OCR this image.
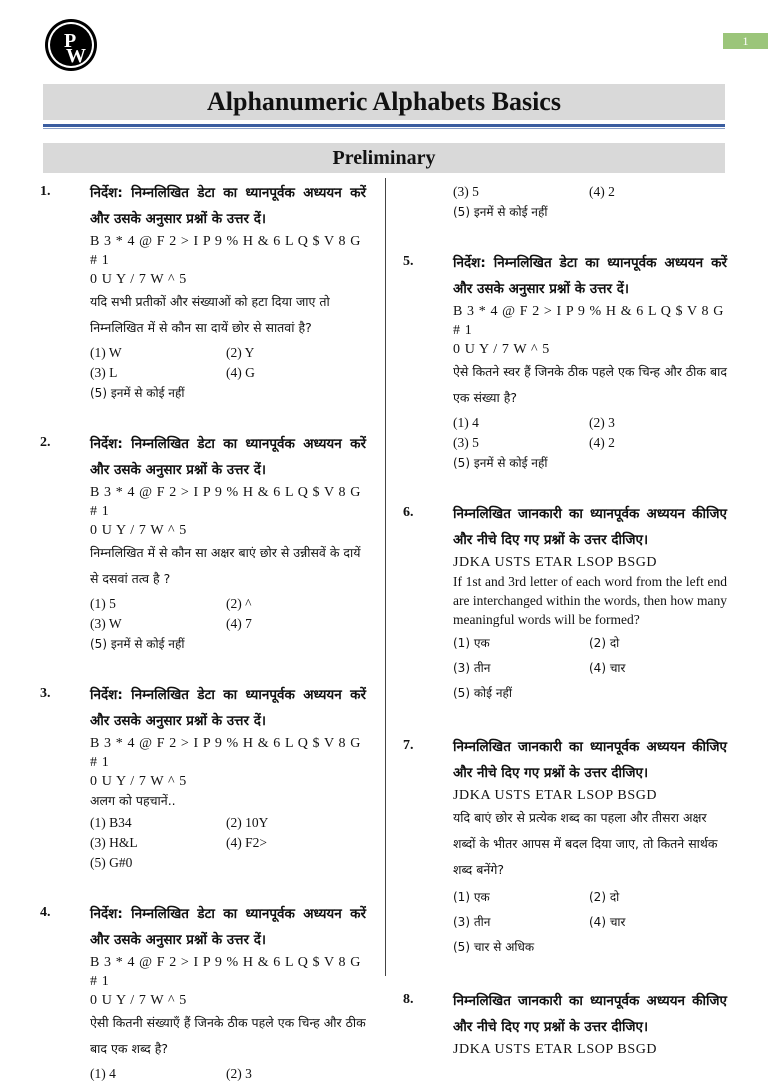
P
W
1
Alphanumeric Alphabets Basics
Preliminary
1.	निर्देश: निम्नलिखित डेटा का ध्यानपूर्वक अध्ययन करें और उसके अनुसार प्रश्नों के उत्तर दें।
B 3 * 4 @ F 2 > I P 9 % H & 6 L Q $ V 8 G # 1
0 U Y / 7 W ^ 5
यदि सभी प्रतीकों और संख्याओं को हटा दिया जाए तो निम्नलिखित में से कौन सा दायें छोर से सातवां है?
(1) W	(2) Y
(3) L	(4) G
(5) इनमें से कोई नहीं
2.	निर्देश: निम्नलिखित डेटा का ध्यानपूर्वक अध्ययन करें और उसके अनुसार प्रश्नों के उत्तर दें।
B 3 * 4 @ F 2 > I P 9 % H & 6 L Q $ V 8 G # 1
0 U Y / 7 W ^ 5
निम्नलिखित में से कौन सा अक्षर बाएं छोर से उन्नीसवें के दायें से दसवां तत्व है ?
(1) 5	(2) ^
(3) W	(4) 7
(5) इनमें से कोई नहीं
3.	निर्देश: निम्नलिखित डेटा का ध्यानपूर्वक अध्ययन करें और उसके अनुसार प्रश्नों के उत्तर दें।
B 3 * 4 @ F 2 > I P 9 % H & 6 L Q $ V 8 G # 1
0 U Y / 7 W ^ 5
अलग को पहचानें..
(1) B34	(2) 10Y
(3) H&L	(4) F2>
(5) G#0
4.	निर्देश: निम्नलिखित डेटा का ध्यानपूर्वक अध्ययन करें और उसके अनुसार प्रश्नों के उत्तर दें।
B 3 * 4 @ F 2 > I P 9 % H & 6 L Q $ V 8 G # 1
0 U Y / 7 W ^ 5
ऐसी कितनी संख्याएँ हैं जिनके ठीक पहले एक चिन्ह और ठीक बाद एक शब्द है?
(1) 4	(2) 3
(3) 5	(4) 2
(5) इनमें से कोई नहीं
5.	निर्देश: निम्नलिखित डेटा का ध्यानपूर्वक अध्ययन करें और उसके अनुसार प्रश्नों के उत्तर दें।
B 3 * 4 @ F 2 > I P 9 % H & 6 L Q $ V 8 G # 1
0 U Y / 7 W ^ 5
ऐसे कितने स्वर हैं जिनके ठीक पहले एक चिन्ह और ठीक बाद एक संख्या है?
(1) 4	(2) 3
(3) 5	(4) 2
(5) इनमें से कोई नहीं
6.	निम्नलिखित जानकारी का ध्यानपूर्वक अध्ययन कीजिए और नीचे दिए गए प्रश्नों के उत्तर दीजिए।
JDKA USTS ETAR LSOP BSGD
If 1st and 3rd letter of each word from the left end are interchanged within the words, then how many meaningful words will be formed?
(1) एक	(2) दो
(3) तीन	(4) चार
(5) कोई नहीं
7.	निम्नलिखित जानकारी का ध्यानपूर्वक अध्ययन कीजिए और नीचे दिए गए प्रश्नों के उत्तर दीजिए।
JDKA USTS ETAR LSOP BSGD
यदि बाएं छोर से प्रत्येक शब्द का पहला और तीसरा अक्षर शब्दों के भीतर आपस में बदल दिया जाए, तो कितने सार्थक शब्द बनेंगे?
(1) एक	(2) दो
(3) तीन	(4) चार
(5) चार से अधिक
8.	निम्नलिखित जानकारी का ध्यानपूर्वक अध्ययन कीजिए और नीचे दिए गए प्रश्नों के उत्तर दीजिए।
JDKA USTS ETAR LSOP BSGD
